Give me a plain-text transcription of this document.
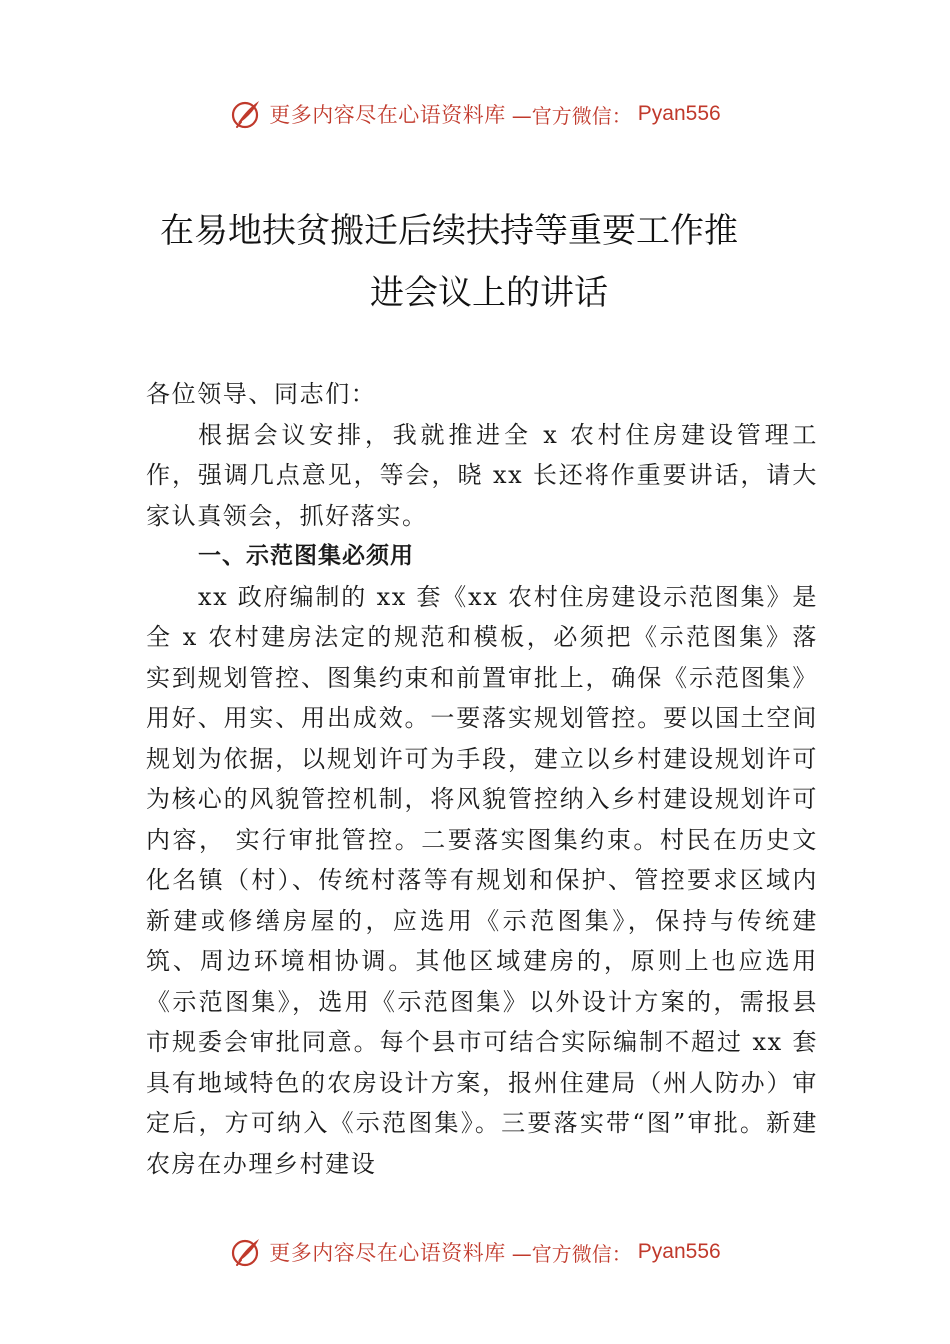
更多内容尽在心语资料库 —官方微信： Pyan556
在易地扶贫搬迁后续扶持等重要工作推
进会议上的讲话

各位领导、同志们：

根据会议安排，我就推进全 x 农村住房建设管理工作，强调几点意见，等会，晓 xx 长还将作重要讲话，请大家认真领会，抓好落实。

一、示范图集必须用

xx 政府编制的 xx 套《xx 农村住房建设示范图集》是全 x 农村建房法定的规范和模板，必须把《示范图集》落实到规划管控、图集约束和前置审批上，确保《示范图集》用好、用实、用出成效。一要落实规划管控。要以国土空间规划为依据，以规划许可为手段，建立以乡村建设规划许可为核心的风貌管控机制，将风貌管控纳入乡村建设规划许可内容， 实行审批管控。二要落实图集约束。村民在历史文化名镇（村）、传统村落等有规划和保护、管控要求区域内新建或修缮房屋的，应选用《示范图集》，保持与传统建筑、周边环境相协调。其他区域建房的，原则上也应选用《示范图集》，选用《示范图集》以外设计方案的，需报县市规委会审批同意。每个县市可结合实际编制不超过 xx 套具有地域特色的农房设计方案，报州住建局（州人防办）审定后，方可纳入《示范图集》。三要落实带“图”审批。新建农房在办理乡村建设

更多内容尽在心语资料库 —官方微信： Pyan556
